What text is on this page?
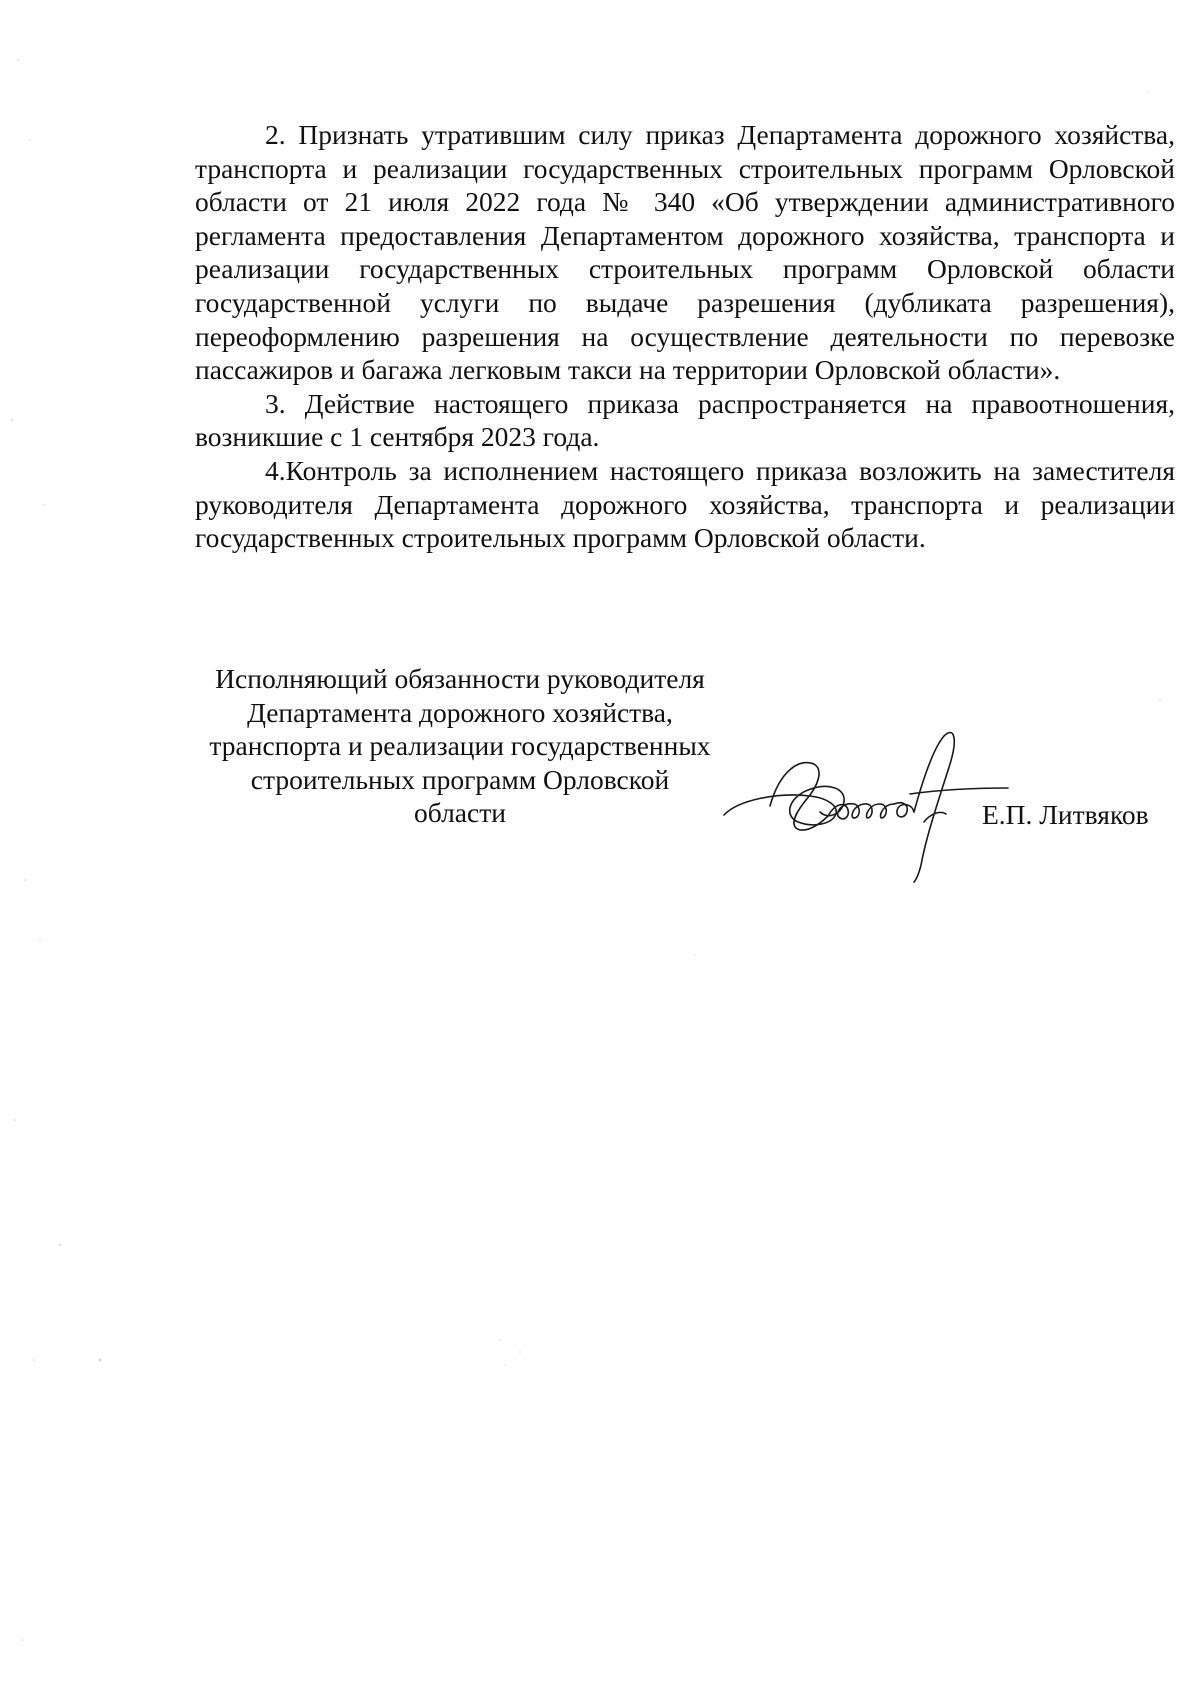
2. Признать утратившим силу приказ Департамента дорожного хозяйства, транспорта и реализации государственных строительных программ Орловской области от 21 июля 2022 года № 340 «Об утверждении административного регламента предоставления Департаментом дорожного хозяйства, транспорта и реализации государственных строительных программ Орловской области государственной услуги по выдаче разрешения (дубликата разрешения), переоформлению разрешения на осуществление деятельности по перевозке пассажиров и багажа легковым такси на территории Орловской области».

3. Действие настоящего приказа распространяется на правоотношения, возникшие с 1 сентября 2023 года.

4.Контроль за исполнением настоящего приказа возложить на заместителя руководителя Департамента дорожного хозяйства, транспорта и реализации государственных строительных программ Орловской области.

Исполняющий обязанности руководителя
Департамента дорожного хозяйства,
транспорта и реализации государственных
строительных программ Орловской
области	Е.П. Литвяков
